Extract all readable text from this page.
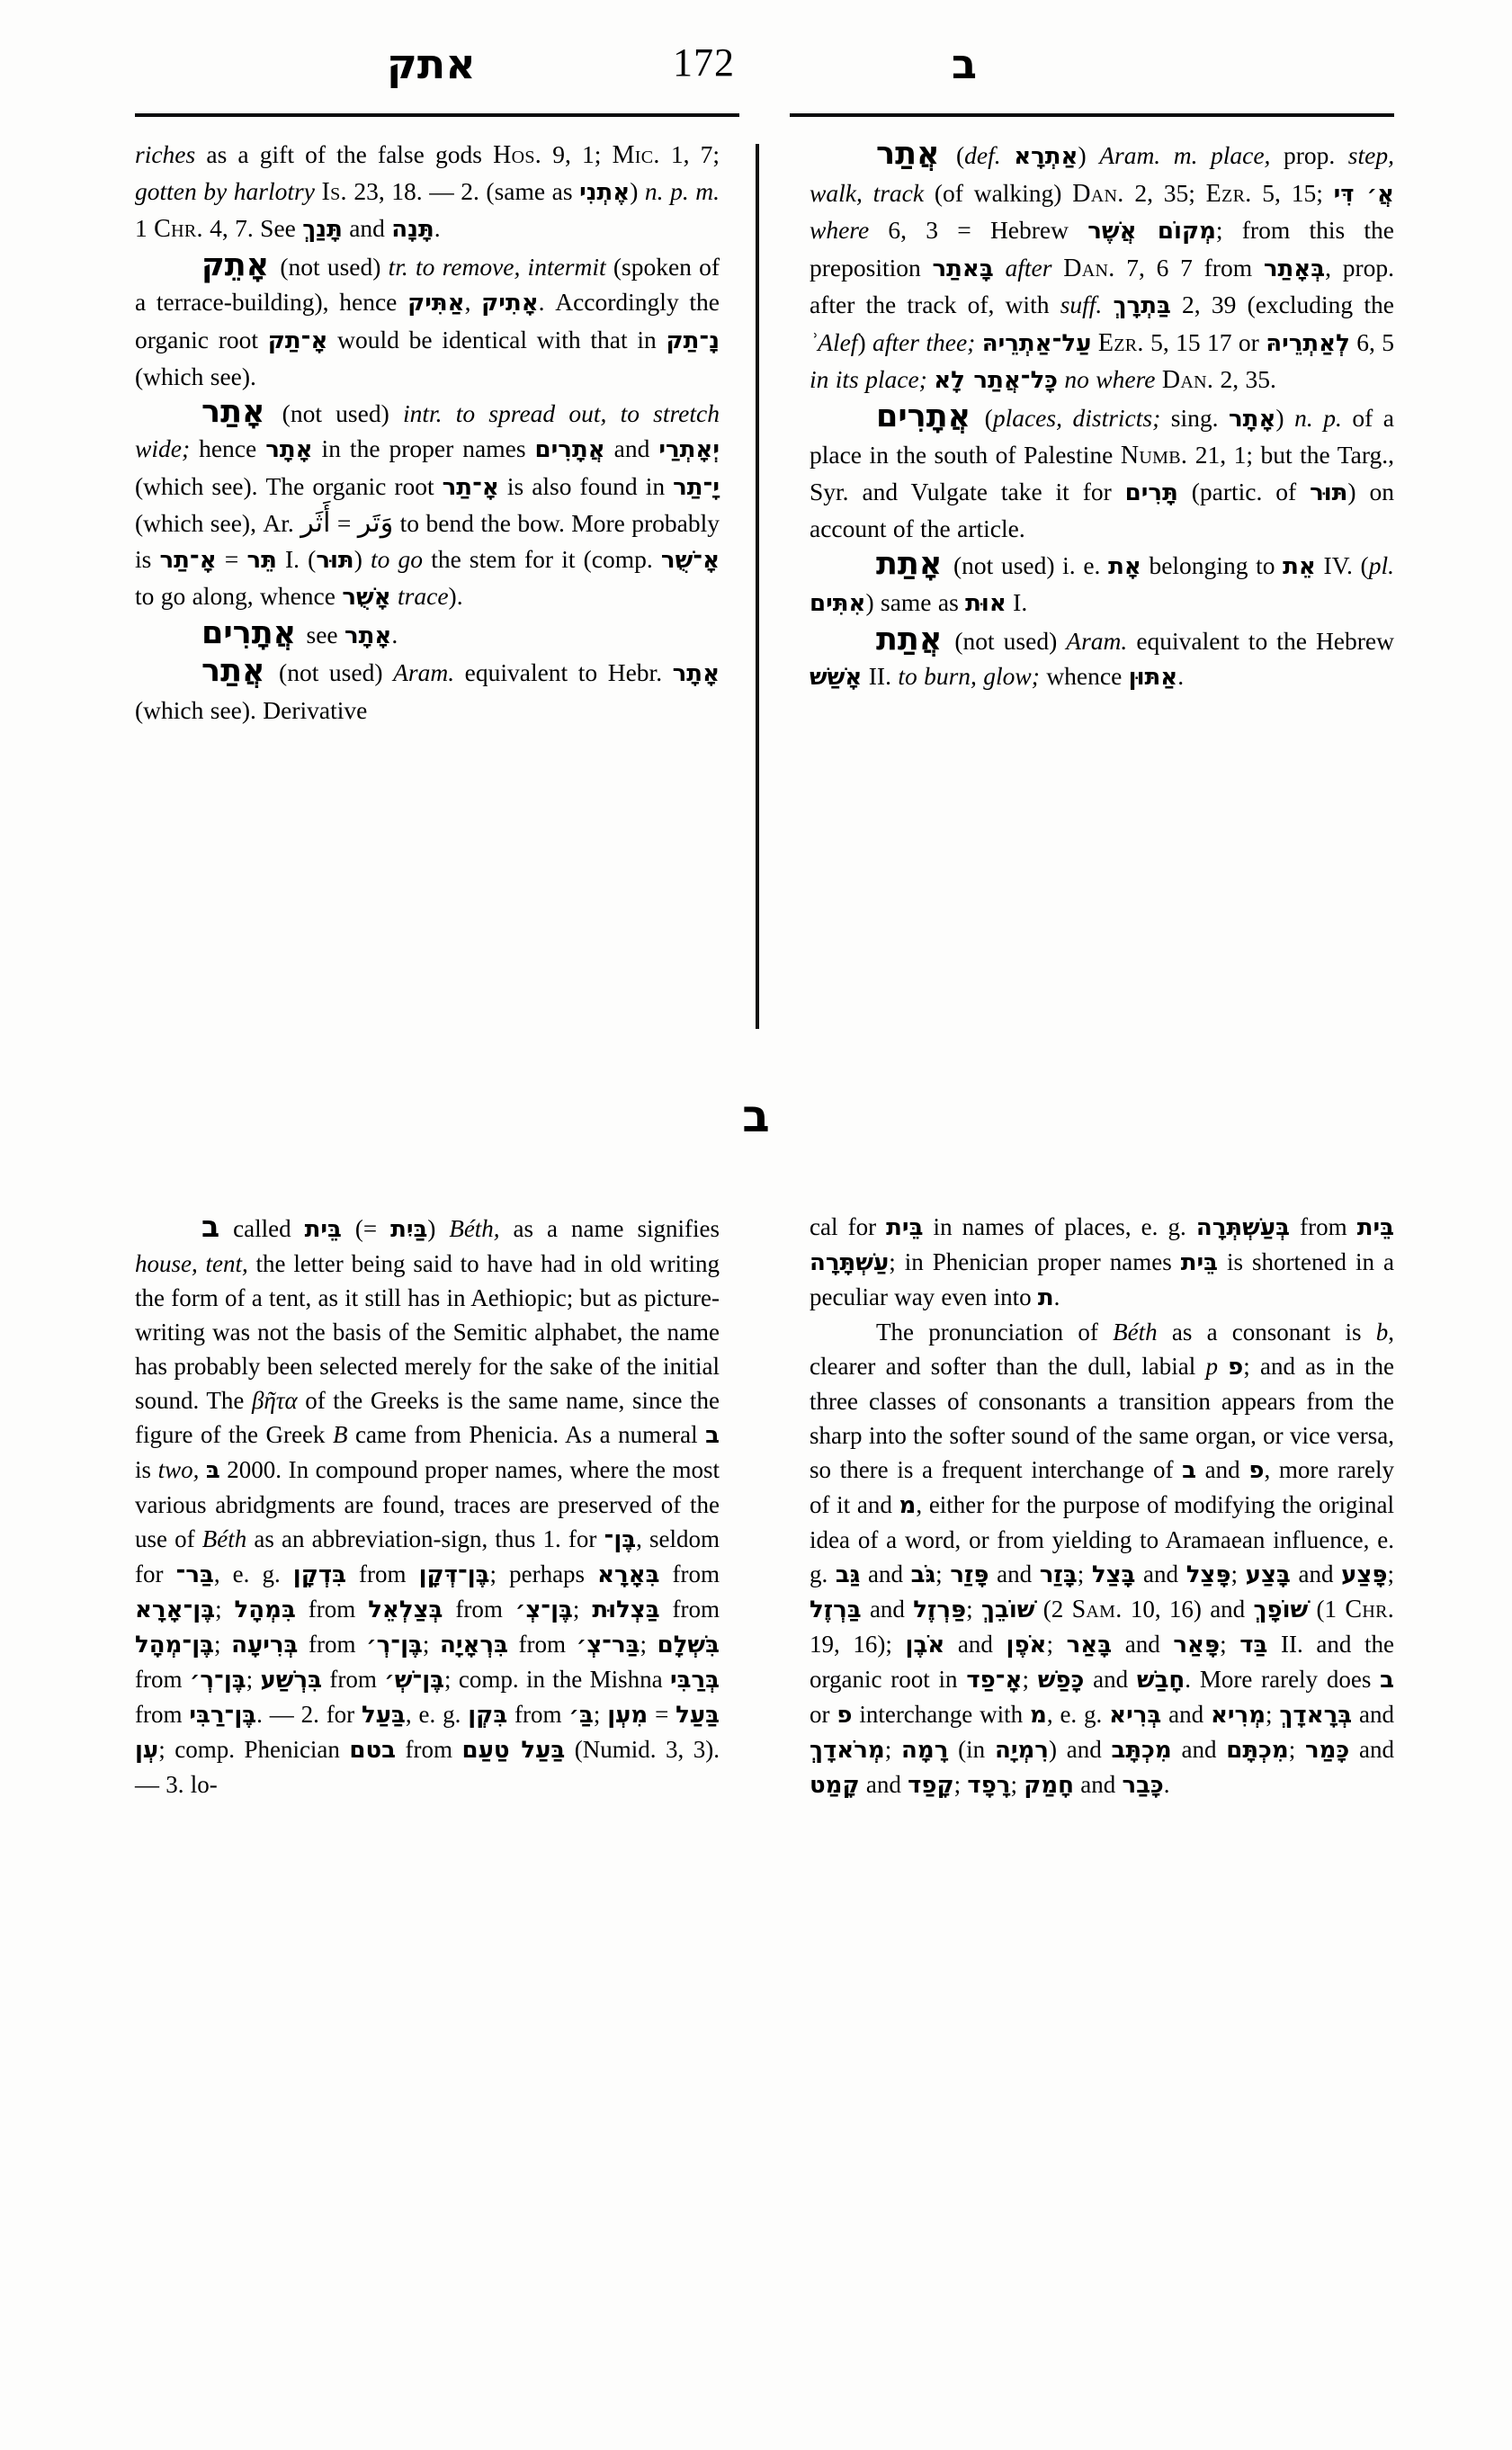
אתק	172	ב

riches as a gift of the false gods Hos. 9, 1; Mic. 1, 7; gotten by harlotry Is. 23, 18. — 2. (same as אֶתְנִי) n. p. m. 1 Chr. 4, 7. See תָּנַךְ and תָּנָה.

אָתֵק (not used) tr. to remove, intermit (spoken of a terrace-building), hence אַתִּיק, אָתִיק. Accordingly the organic root אָ־תַק would be identical with that in נָ־תַק (which see).

אָתַר (not used) intr. to spread out, to stretch wide; hence אָתָר in the proper names אֲתָרִים and יְאָתְרַי (which see). The organic root אָ־תַר is also found in יָ־תַר (which see), Ar. أَثَر = وَتَر to bend the bow. More probably is אָ־תַר = תֵּר I. (תּוּר) to go the stem for it (comp. אָ־שֻׁר to go along, whence אָשֻׁר trace).

אֲתָרִים see אָתָר.

אֲתַר (not used) Aram. equivalent to Hebr. אָתָר (which see). Derivative

אֲתַר (def. אַתְרָא) Aram. m. place, prop. step, walk, track (of walking) Dan. 2, 35; Ezr. 5, 15; אֲ׳ דִּי where 6, 3 = Hebrew מְקוֹם אֲשֶׁר; from this the preposition בָּאתַר after Dan. 7, 6 7 from בְּאָתַר, prop. after the track of, with suff. בַּתְרָךְ 2, 39 (excluding the ʾAlef) after thee; עַל־אַתְרֵיהּ Ezr. 5, 15 17 or לְאַתְרֵיהּ 6, 5 in its place; כָּל־אֲתַר לָא no where Dan. 2, 35.

אֲתָרִים (places, districts; sing. אָתָר) n. p. of a place in the south of Palestine Numb. 21, 1; but the Targ., Syr. and Vulgate take it for תָּרִים (partic. of תּוּר) on account of the article.

אָתַת (not used) i. e. אָת belonging to אֵת IV. (pl. אִתִּים) same as אוּת I.

אֲתַת (not used) Aram. equivalent to the Hebrew אָשַׁשׁ II. to burn, glow; whence אַתּוּן.

ב

ב called בֵּית (= בַּיִת) Béth, as a name signifies house, tent, the letter being said to have had in old writing the form of a tent, as it still has in Aethiopic; but as picture-writing was not the basis of the Semitic alphabet, the name has probably been selected merely for the sake of the initial sound. The βῆτα of the Greeks is the same name, since the figure of the Greek B came from Phenicia. As a numeral ב is two, בּ 2000. In compound proper names, where the most various abridgments are found, traces are preserved of the use of Béth as an abbreviation-sign, thus 1. for בֶּן־, seldom for בַּר־, e. g. בִּדְקָן from בֶּן־דְּקָן; perhaps בִּאָרָא from בֶּן־אָרָא; בִּמְהָל from בְּצַלְאֵל from בֶּן־צְ׳; בַּצְלוּת from בֶּן־מְהָל; בְּרִיעָה from בֶּן־רְ׳; בִּרְאָיָה from בַּר־צְ׳; בִּשְׁלָם from בֶּן־רְ׳; בִּרְשַׁע from בֶּן־שְׁ׳; comp. in the Mishna בְּרַבִּי from בֶּן־רַבִּי. — 2. for בַּעַל, e. g. בִּקְן from בַּ׳; מִעְן = בַּעַל עְן; comp. Phenician בטם from בַּעַל טַעַם (Numid. 3, 3). — 3. lo-

cal for בֵּית in names of places, e. g. בְּעַשְׁתְּרָה from בֵּית עַשְׁתָּרָה; in Phenician proper names בֵּית is shortened in a peculiar way even into ת.

The pronunciation of Béth as a consonant is b, clearer and softer than the dull, labial p פ; and as in the three classes of consonants a transition appears from the sharp into the softer sound of the same organ, or vice versa, so there is a frequent interchange of ב and פ, more rarely of it and מ, either for the purpose of modifying the original idea of a word, or from yielding to Aramaean influence, e. g. גַּב and גֹּב; פָּזַר and בָּזַר; בָּצַל and פָּצַל; בָּצַע and פָּצַע; בַּרְזֶל and פַּרְזֶל; שׁוֹבֵךְ (2 Sam. 10, 16) and שׁוֹפָךְ (1 Chr. 19, 16); אֹבֶן and אֹפֶן; בָּאַר and פָּאַר; בַּד II. and the organic root in אָ־פַד; כָּפַשׁ and חָבַשׁ. More rarely does ב or פ interchange with מ, e. g. בְּרִיא and מְרִיא; בְּרָאדָךְ and מְרֹאדָךְ; רָמָה (in רִמְיָה) and מִכְתָּב and מִכְתָּם; כָּמַר and קָמַט and קָפַד; רָפָד; חָמַק and כָּבַר.
